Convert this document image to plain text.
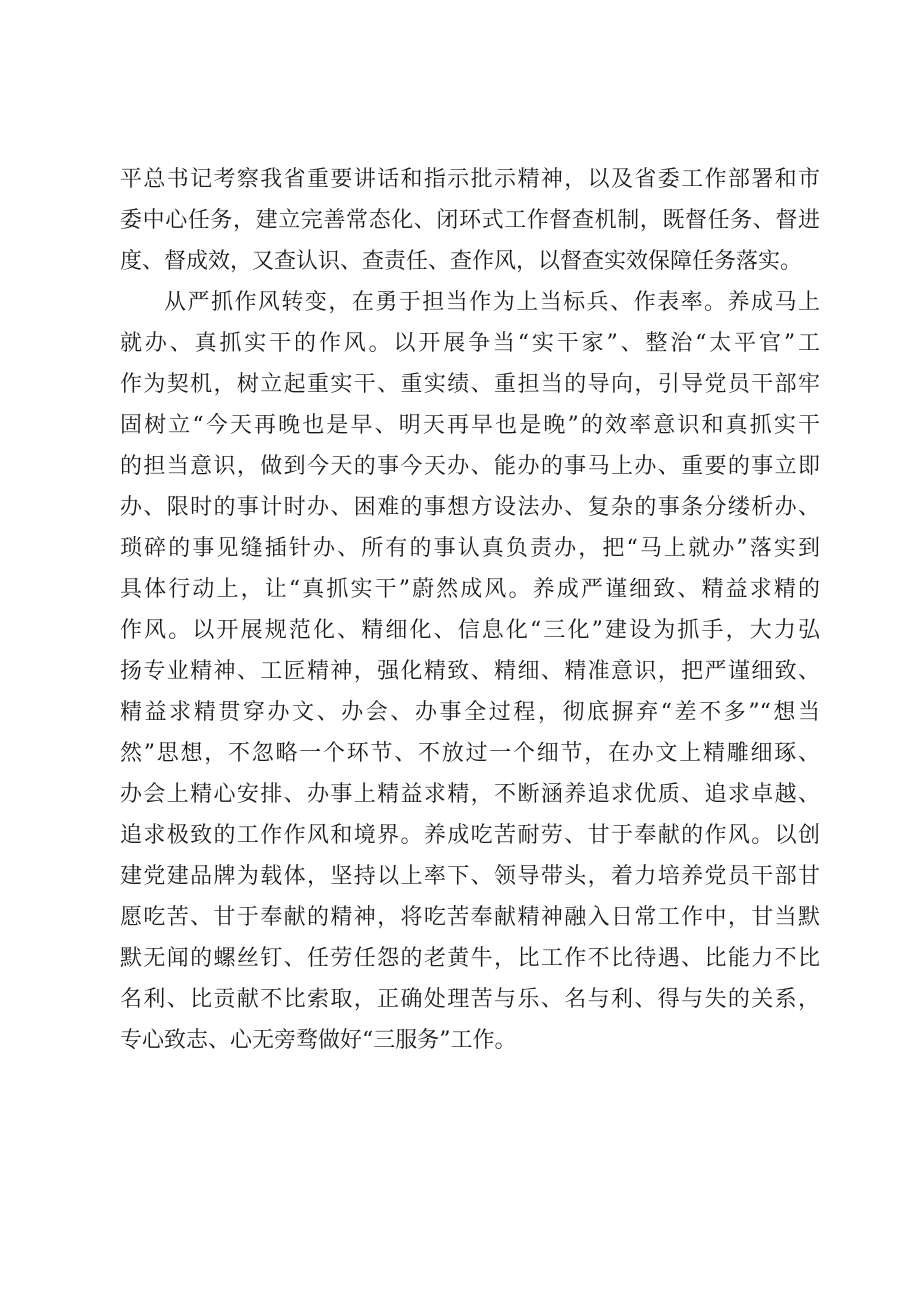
平总书记考察我省重要讲话和指示批示精神，以及省委工作部署和市
委中心任务，建立完善常态化、闭环式工作督查机制，既督任务、督进
度、督成效，又查认识、查责任、查作风，以督查实效保障任务落实。
从严抓作风转变，在勇于担当作为上当标兵、作表率。养成马上
就办、真抓实干的作风。以开展争当“实干家”、整治“太平官”工
作为契机，树立起重实干、重实绩、重担当的导向，引导党员干部牢
固树立“今天再晚也是早、明天再早也是晚”的效率意识和真抓实干
的担当意识，做到今天的事今天办、能办的事马上办、重要的事立即
办、限时的事计时办、困难的事想方设法办、复杂的事条分缕析办、
琐碎的事见缝插针办、所有的事认真负责办，把“马上就办”落实到
具体行动上，让“真抓实干”蔚然成风。养成严谨细致、精益求精的
作风。以开展规范化、精细化、信息化“三化”建设为抓手，大力弘
扬专业精神、工匠精神，强化精致、精细、精准意识，把严谨细致、
精益求精贯穿办文、办会、办事全过程，彻底摒弃“差不多”“想当
然”思想，不忽略一个环节、不放过一个细节，在办文上精雕细琢、
办会上精心安排、办事上精益求精，不断涵养追求优质、追求卓越、
追求极致的工作作风和境界。养成吃苦耐劳、甘于奉献的作风。以创
建党建品牌为载体，坚持以上率下、领导带头，着力培养党员干部甘
愿吃苦、甘于奉献的精神，将吃苦奉献精神融入日常工作中，甘当默
默无闻的螺丝钉、任劳任怨的老黄牛，比工作不比待遇、比能力不比
名利、比贡献不比索取，正确处理苦与乐、名与利、得与失的关系，
专心致志、心无旁骛做好“三服务”工作。
